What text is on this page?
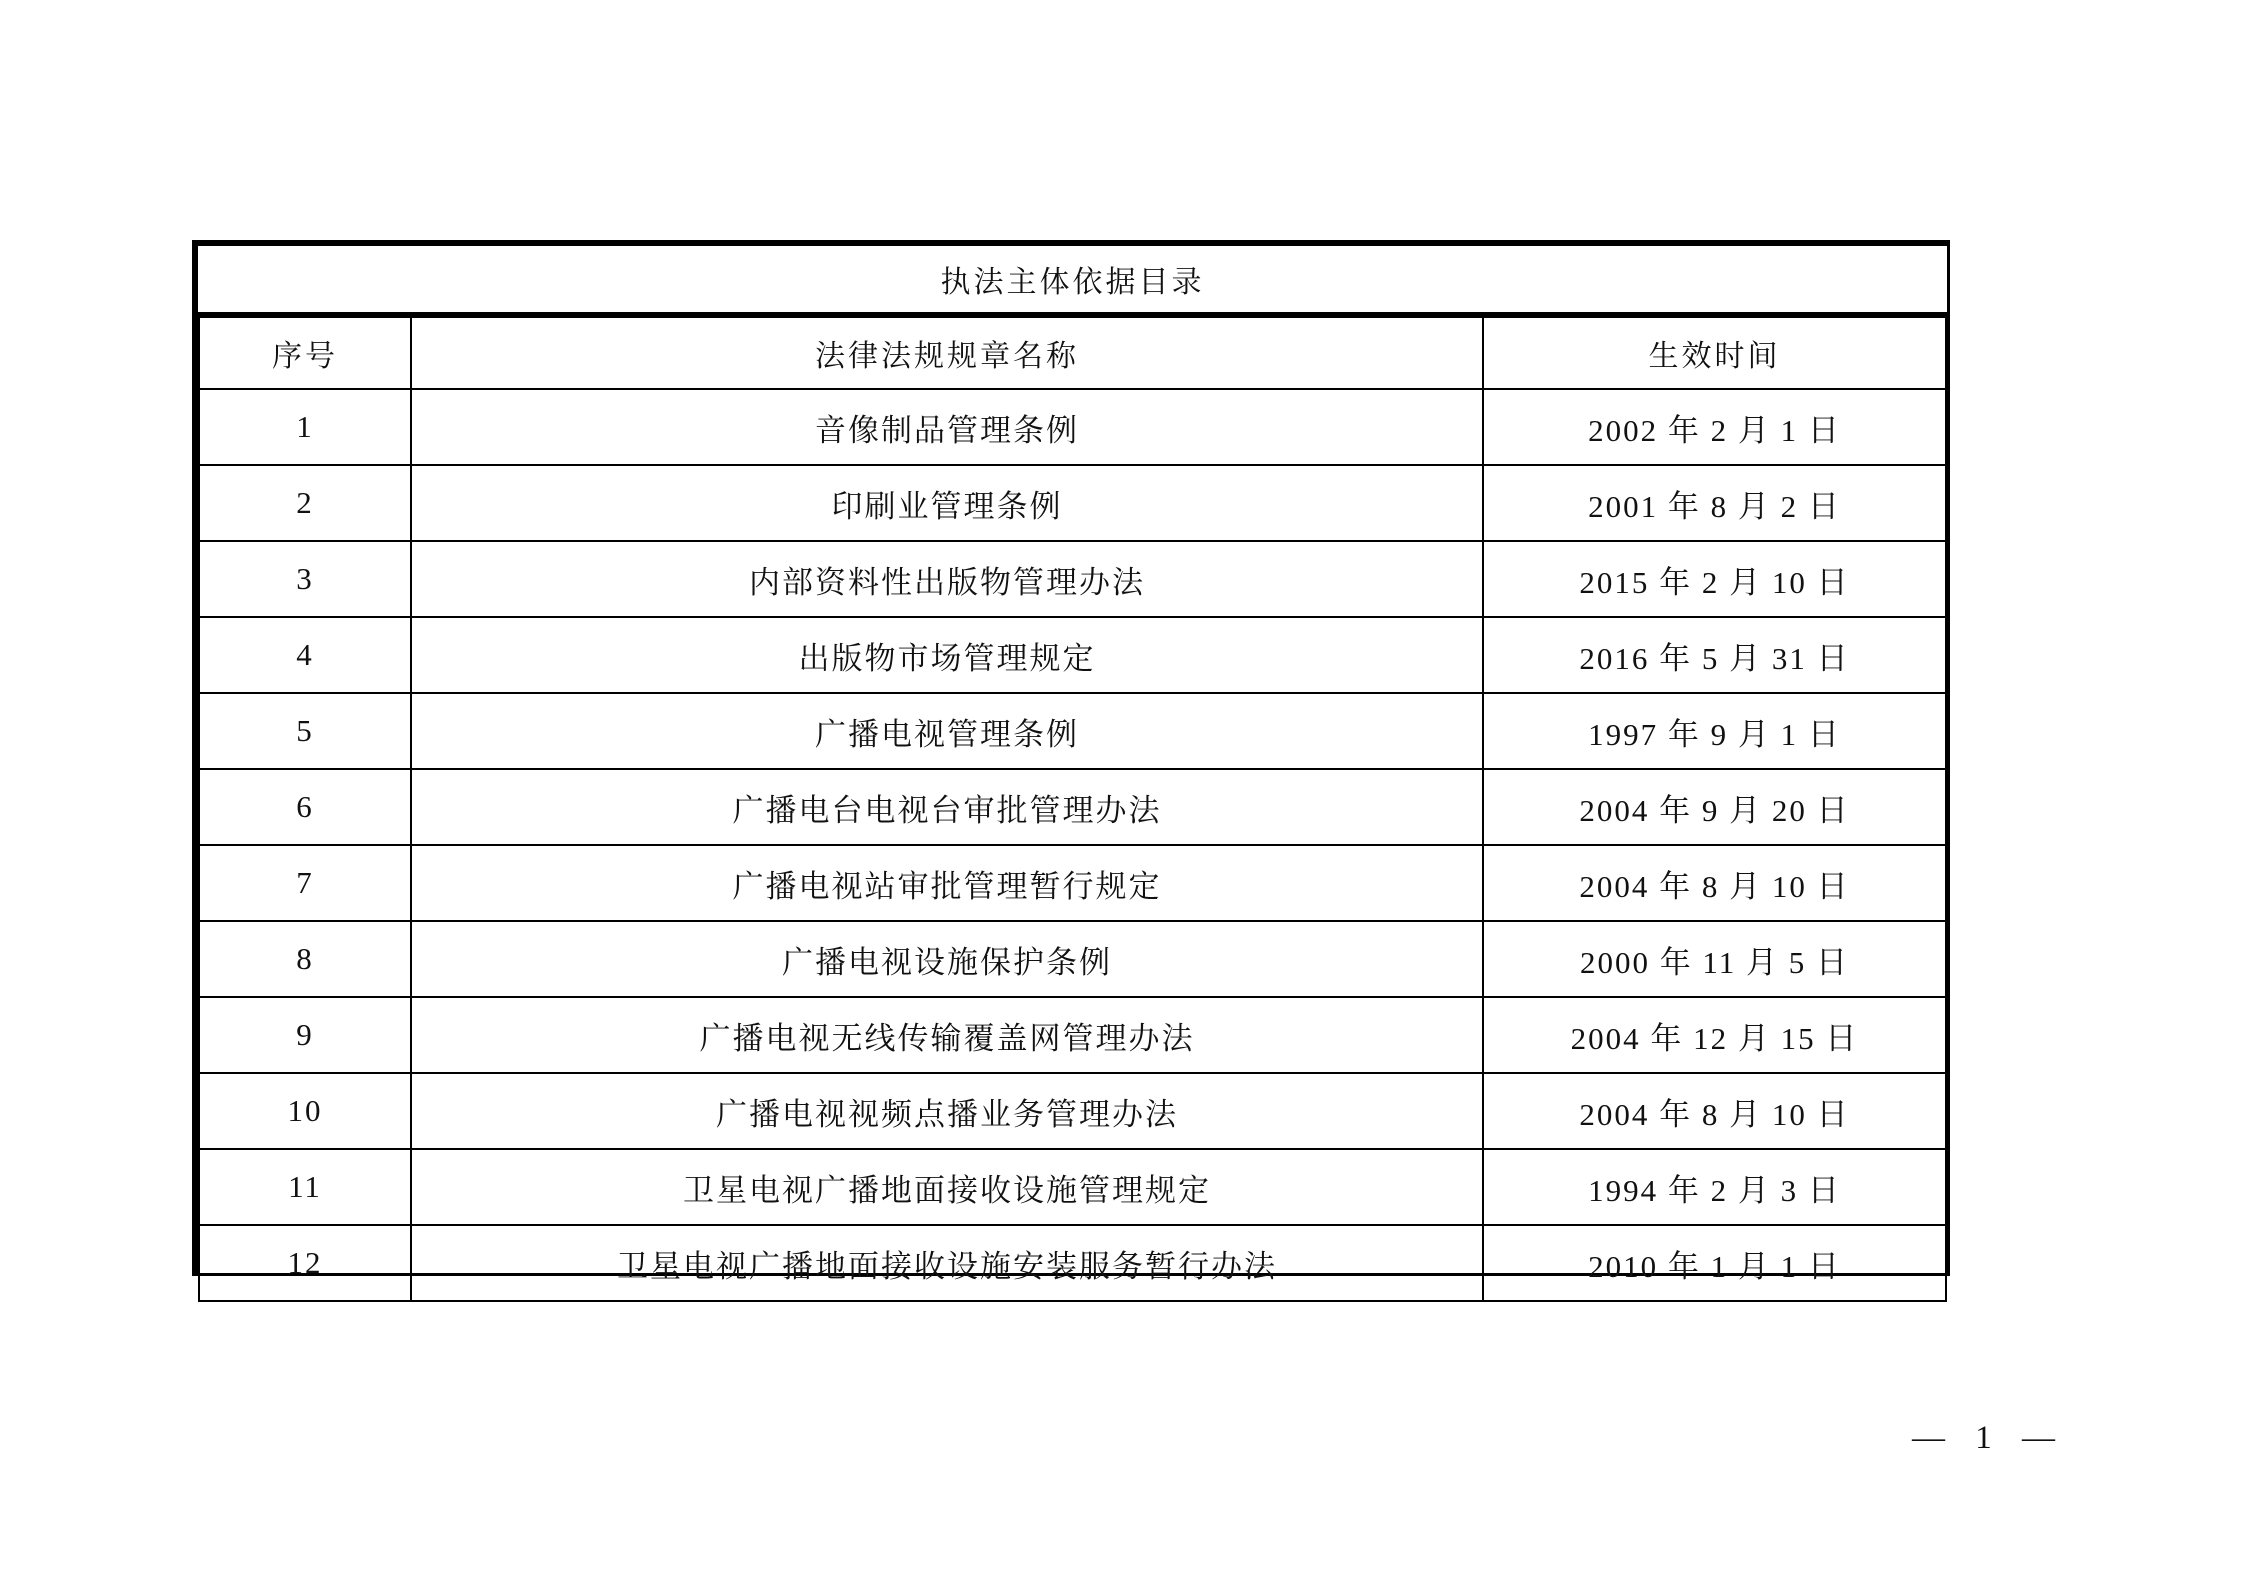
执法主体依据目录		
序号	法律法规规章名称	生效时间
1	音像制品管理条例	2002 年 2 月 1 日
2	印刷业管理条例	2001 年 8 月 2 日
3	内部资料性出版物管理办法	2015 年 2 月 10 日
4	出版物市场管理规定	2016 年 5 月 31 日
5	广播电视管理条例	1997 年 9 月 1 日
6	广播电台电视台审批管理办法	2004 年 9 月 20 日
7	广播电视站审批管理暂行规定	2004 年 8 月 10 日
8	广播电视设施保护条例	2000 年 11 月 5 日
9	广播电视无线传输覆盖网管理办法	2004 年 12 月 15 日
10	广播电视视频点播业务管理办法	2004 年 8 月 10 日
11	卫星电视广播地面接收设施管理规定	1994 年 2 月 3 日
12	卫星电视广播地面接收设施安装服务暂行办法	2010 年 1 月 1 日
— 1 —
